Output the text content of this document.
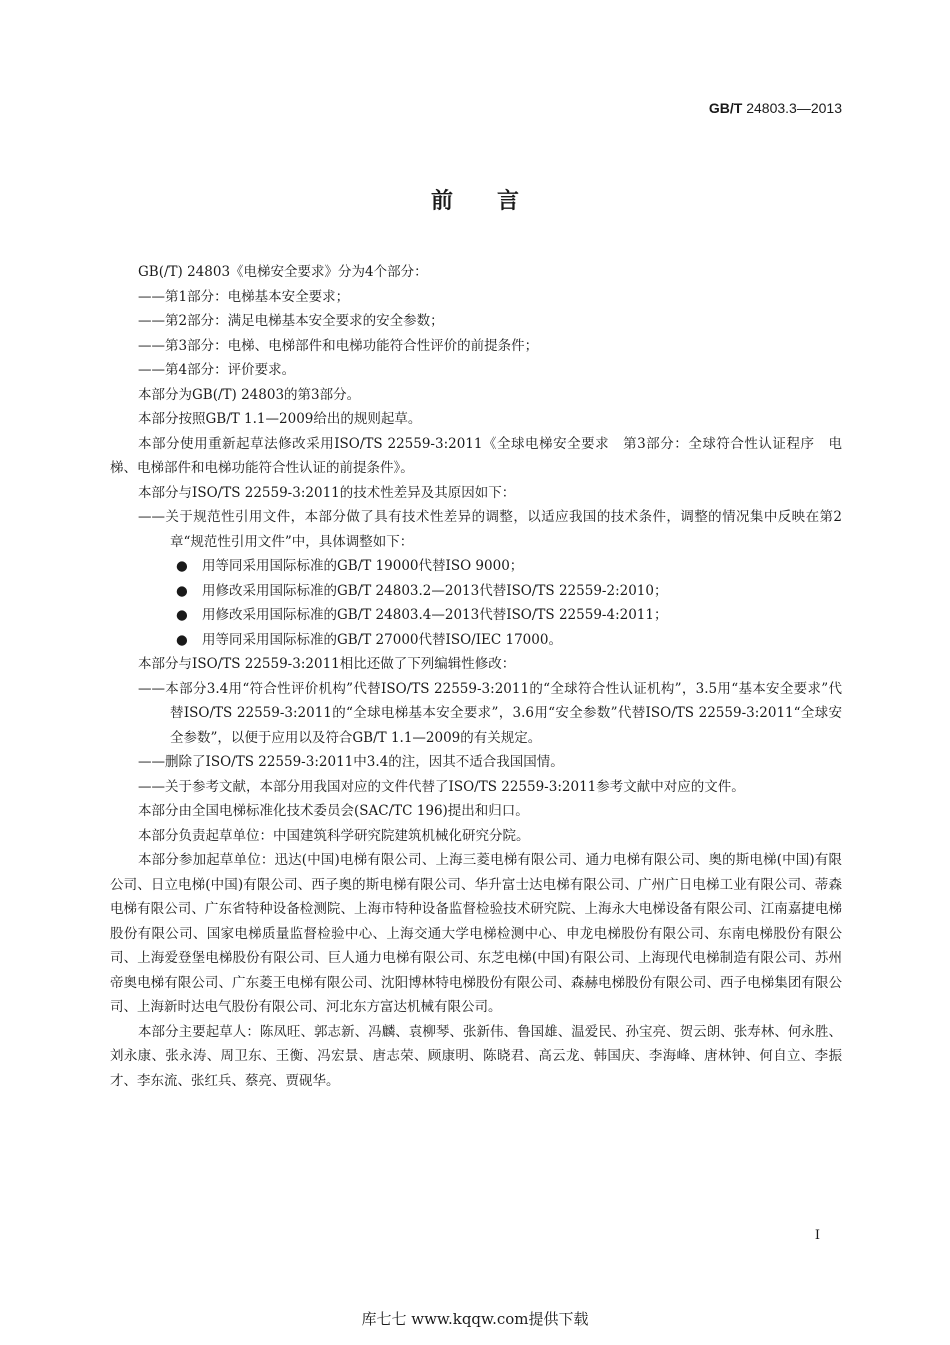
GB/T 24803.3—2013
前言

GB(/T) 24803《电梯安全要求》分为4个部分：

——第1部分：电梯基本安全要求；

——第2部分：满足电梯基本安全要求的安全参数；

——第3部分：电梯、电梯部件和电梯功能符合性评价的前提条件；

——第4部分：评价要求。

本部分为GB(/T) 24803的第3部分。

本部分按照GB/T 1.1—2009给出的规则起草。

本部分使用重新起草法修改采用ISO/TS 22559-3:2011《全球电梯安全要求　第3部分：全球符合性认证程序　电梯、电梯部件和电梯功能符合性认证的前提条件》。

本部分与ISO/TS 22559-3:2011的技术性差异及其原因如下：

——关于规范性引用文件，本部分做了具有技术性差异的调整，以适应我国的技术条件，调整的情况集中反映在第2章“规范性引用文件”中，具体调整如下：

● 用等同采用国际标准的GB/T 19000代替ISO 9000；

● 用修改采用国际标准的GB/T 24803.2—2013代替ISO/TS 22559-2:2010；

● 用修改采用国际标准的GB/T 24803.4—2013代替ISO/TS 22559-4:2011；

● 用等同采用国际标准的GB/T 27000代替ISO/IEC 17000。

本部分与ISO/TS 22559-3:2011相比还做了下列编辑性修改：

——本部分3.4用“符合性评价机构”代替ISO/TS 22559-3:2011的“全球符合性认证机构”，3.5用“基本安全要求”代替ISO/TS 22559-3:2011的“全球电梯基本安全要求”，3.6用“安全参数”代替ISO/TS 22559-3:2011“全球安全参数”，以便于应用以及符合GB/T 1.1—2009的有关规定。

——删除了ISO/TS 22559-3:2011中3.4的注，因其不适合我国国情。

——关于参考文献，本部分用我国对应的文件代替了ISO/TS 22559-3:2011参考文献中对应的文件。

本部分由全国电梯标准化技术委员会(SAC/TC 196)提出和归口。

本部分负责起草单位：中国建筑科学研究院建筑机械化研究分院。

本部分参加起草单位：迅达(中国)电梯有限公司、上海三菱电梯有限公司、通力电梯有限公司、奥的斯电梯(中国)有限公司、日立电梯(中国)有限公司、西子奥的斯电梯有限公司、华升富士达电梯有限公司、广州广日电梯工业有限公司、蒂森电梯有限公司、广东省特种设备检测院、上海市特种设备监督检验技术研究院、上海永大电梯设备有限公司、江南嘉捷电梯股份有限公司、国家电梯质量监督检验中心、上海交通大学电梯检测中心、申龙电梯股份有限公司、东南电梯股份有限公司、上海爱登堡电梯股份有限公司、巨人通力电梯有限公司、东芝电梯(中国)有限公司、上海现代电梯制造有限公司、苏州帝奥电梯有限公司、广东菱王电梯有限公司、沈阳博林特电梯股份有限公司、森赫电梯股份有限公司、西子电梯集团有限公司、上海新时达电气股份有限公司、河北东方富达机械有限公司。

本部分主要起草人：陈凤旺、郭志新、冯麟、袁柳琴、张新伟、鲁国雄、温爱民、孙宝亮、贺云朗、张寿林、何永胜、刘永康、张永涛、周卫东、王衡、冯宏景、唐志荣、顾康明、陈晓君、高云龙、韩国庆、李海峰、唐林钟、何自立、李振才、李东流、张红兵、蔡亮、贾砚华。

I
库七七 www.kqqw.com提供下载
